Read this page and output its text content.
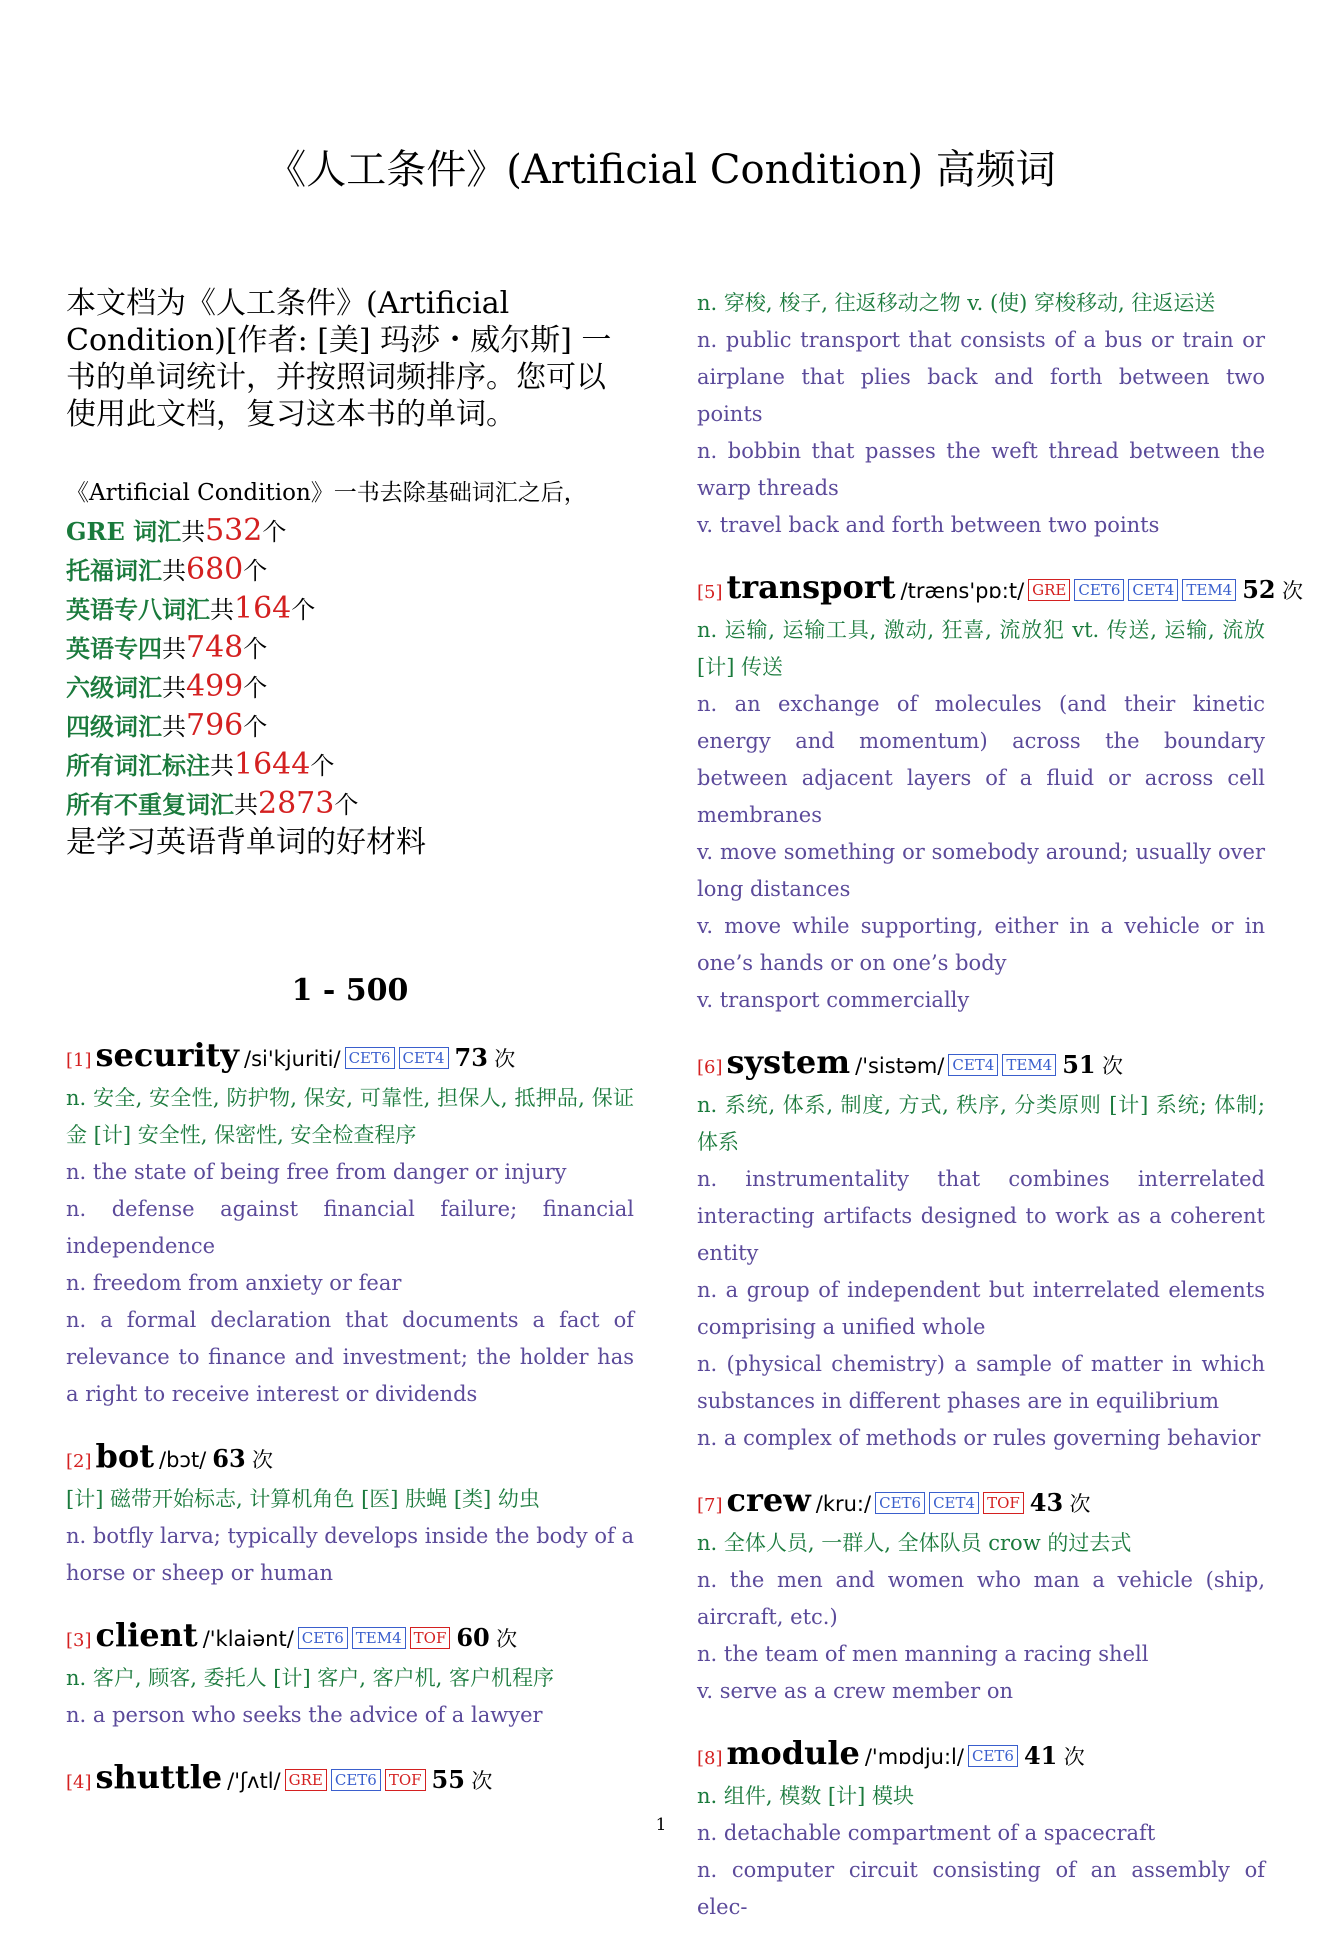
《人工条件》(Artificial Condition) 高频词

本文档为《人工条件》(Artificial Condition)[作者: [美] 玛莎・威尔斯] 一书的单词统计，并按照词频排序。您可以使用此文档，复习这本书的单词。

《Artificial Condition》一书去除基础词汇之后，
GRE 词汇共532个
托福词汇共680个
英语专八词汇共164个
英语专四共748个
六级词汇共499个
四级词汇共796个
所有词汇标注共1644个
所有不重复词汇共2873个
是学习英语背单词的好材料
1 - 500
[1] security /si'kjuriti/ CET6 CET4 73 次
n. 安全, 安全性, 防护物, 保安, 可靠性, 担保人, 抵押品, 保证金 [计] 安全性, 保密性, 安全检查程序
n. the state of being free from danger or injury
n. defense against financial failure; financial independence
n. freedom from anxiety or fear
n. a formal declaration that documents a fact of relevance to finance and investment; the holder has a right to receive interest or dividends
[2] bot /bɔt/ 63 次
[计] 磁带开始标志, 计算机角色 [医] 肤蝇 [类] 幼虫
n. botfly larva; typically develops inside the body of a horse or sheep or human
[3] client /'klaiənt/ CET6 TEM4 TOF 60 次
n. 客户, 顾客, 委托人 [计] 客户, 客户机, 客户机程序
n. a person who seeks the advice of a lawyer
[4] shuttle /'ʃʌtl/ GRE CET6 TOF 55 次
n. 穿梭, 梭子, 往返移动之物 v. (使) 穿梭移动, 往返运送
n. public transport that consists of a bus or train or airplane that plies back and forth between two points
n. bobbin that passes the weft thread between the warp threads
v. travel back and forth between two points
[5] transport /træns'pɒ:t/ GRE CET6 CET4 TEM4 52 次
n. 运输, 运输工具, 激动, 狂喜, 流放犯 vt. 传送, 运输, 流放 [计] 传送
n. an exchange of molecules (and their kinetic energy and momentum) across the boundary between adjacent layers of a fluid or across cell membranes
v. move something or somebody around; usually over long distances
v. move while supporting, either in a vehicle or in one’s hands or on one’s body
v. transport commercially
[6] system /'sistəm/ CET4 TEM4 51 次
n. 系统, 体系, 制度, 方式, 秩序, 分类原则 [计] 系统; 体制; 体系
n. instrumentality that combines interrelated interacting artifacts designed to work as a coherent entity
n. a group of independent but interrelated elements comprising a unified whole
n. (physical chemistry) a sample of matter in which substances in different phases are in equilibrium
n. a complex of methods or rules governing behavior
[7] crew /kru:/ CET6 CET4 TOF 43 次
n. 全体人员, 一群人, 全体队员 crow 的过去式
n. the men and women who man a vehicle (ship, aircraft, etc.)
n. the team of men manning a racing shell
v. serve as a crew member on
[8] module /'mɒdju:l/ CET6 41 次
n. 组件, 模数 [计] 模块
n. detachable compartment of a spacecraft
n. computer circuit consisting of an assembly of elec-
1
